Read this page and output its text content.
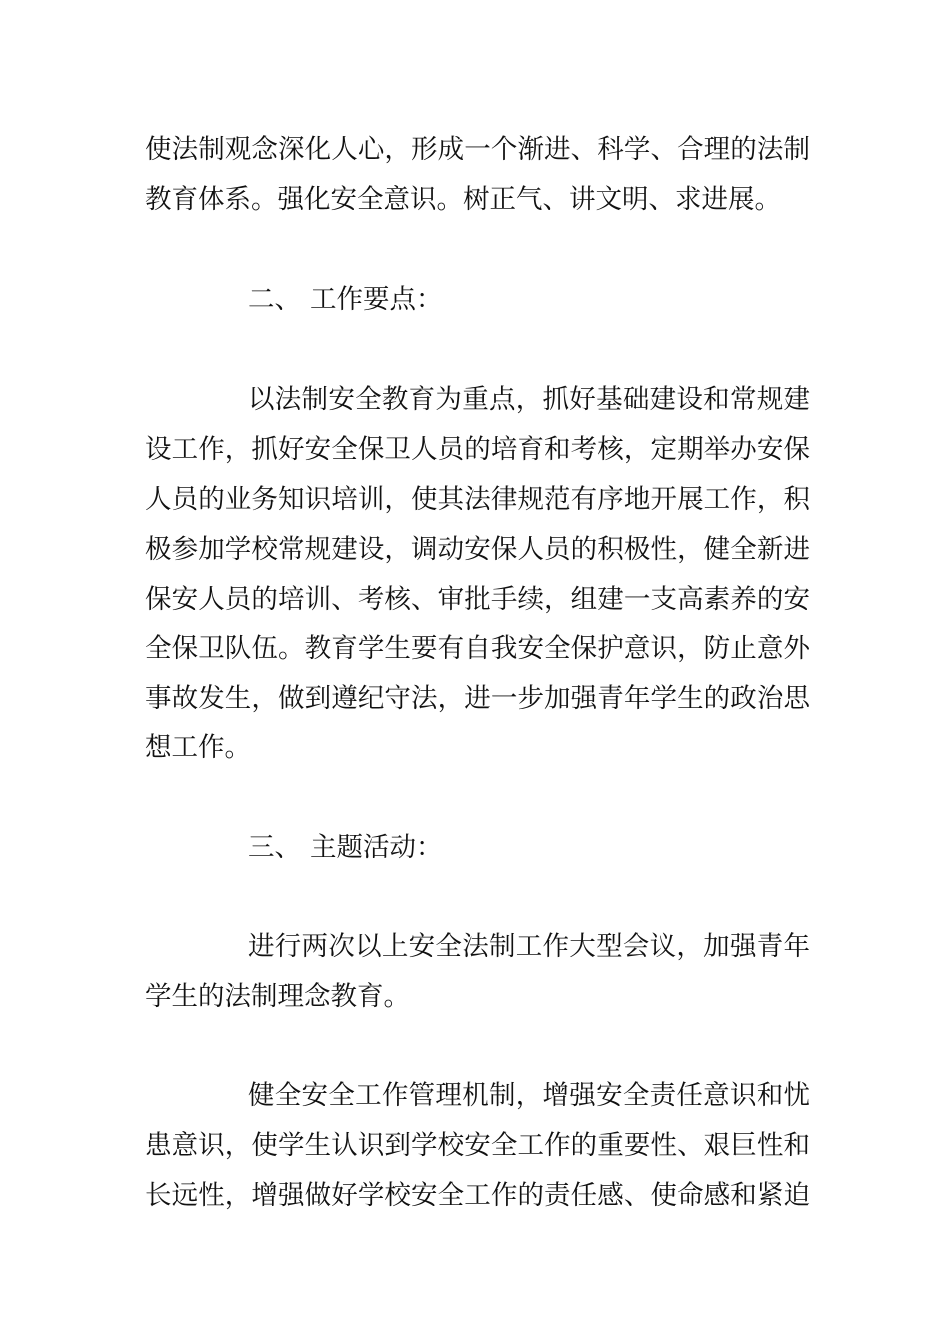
使法制观念深化人心，形成一个渐进、科学、合理的法制
教育体系。强化安全意识。树正气、讲文明、求进展。
二、 工作要点：
以法制安全教育为重点，抓好基础建设和常规建
设工作，抓好安全保卫人员的培育和考核，定期举办安保
人员的业务知识培训，使其法律规范有序地开展工作，积
极参加学校常规建设，调动安保人员的积极性，健全新进
保安人员的培训、考核、审批手续，组建一支高素养的安
全保卫队伍。教育学生要有自我安全保护意识，防止意外
事故发生，做到遵纪守法，进一步加强青年学生的政治思
想工作。
三、 主题活动：
进行两次以上安全法制工作大型会议，加强青年
学生的法制理念教育。
健全安全工作管理机制，增强安全责任意识和忧
患意识，使学生认识到学校安全工作的重要性、艰巨性和
长远性，增强做好学校安全工作的责任感、使命感和紧迫
